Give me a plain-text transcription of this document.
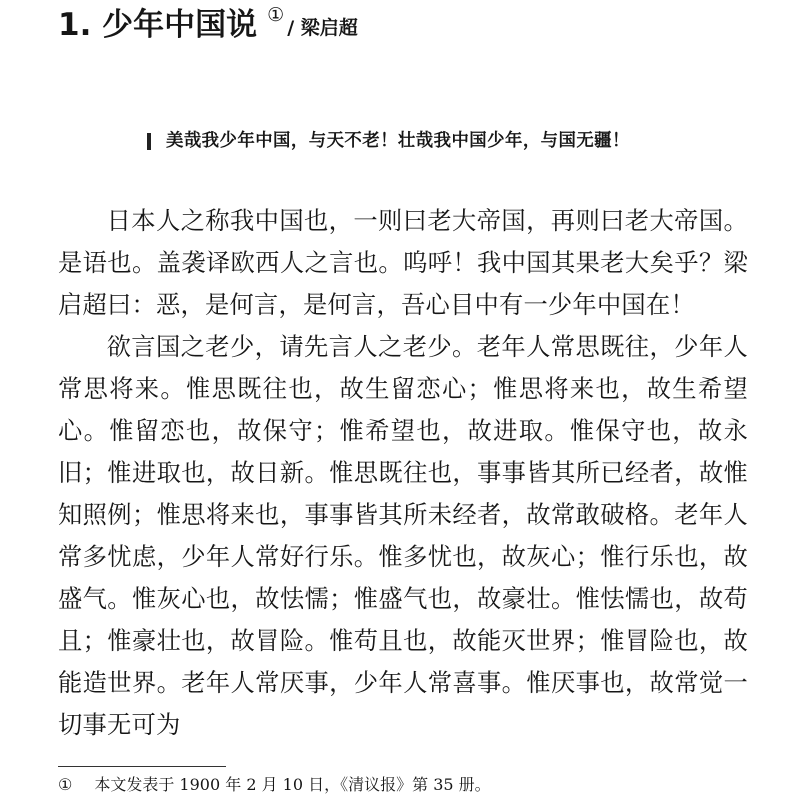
1. 少年中国说 ①
/ 梁启超
美哉我少年中国，与天不老！壮哉我中国少年，与国无疆！

日本人之称我中国也，一则曰老大帝国，再则曰老大帝国。是语也。盖袭译欧西人之言也。呜呼！我中国其果老大矣乎？梁启超曰：恶，是何言，是何言，吾心目中有一少年中国在！

欲言国之老少，请先言人之老少。老年人常思既往，少年人常思将来。惟思既往也，故生留恋心；惟思将来也，故生希望心。惟留恋也，故保守；惟希望也，故进取。惟保守也，故永旧；惟进取也，故日新。惟思既往也，事事皆其所已经者，故惟知照例；惟思将来也，事事皆其所未经者，故常敢破格。老年人常多忧虑，少年人常好行乐。惟多忧也，故灰心；惟行乐也，故盛气。惟灰心也，故怯懦；惟盛气也，故豪壮。惟怯懦也，故苟且；惟豪壮也，故冒险。惟苟且也，故能灭世界；惟冒险也，故能造世界。老年人常厌事，少年人常喜事。惟厌事也，故常觉一切事无可为

① 本文发表于 1900 年 2 月 10 日，《清议报》第 35 册。
